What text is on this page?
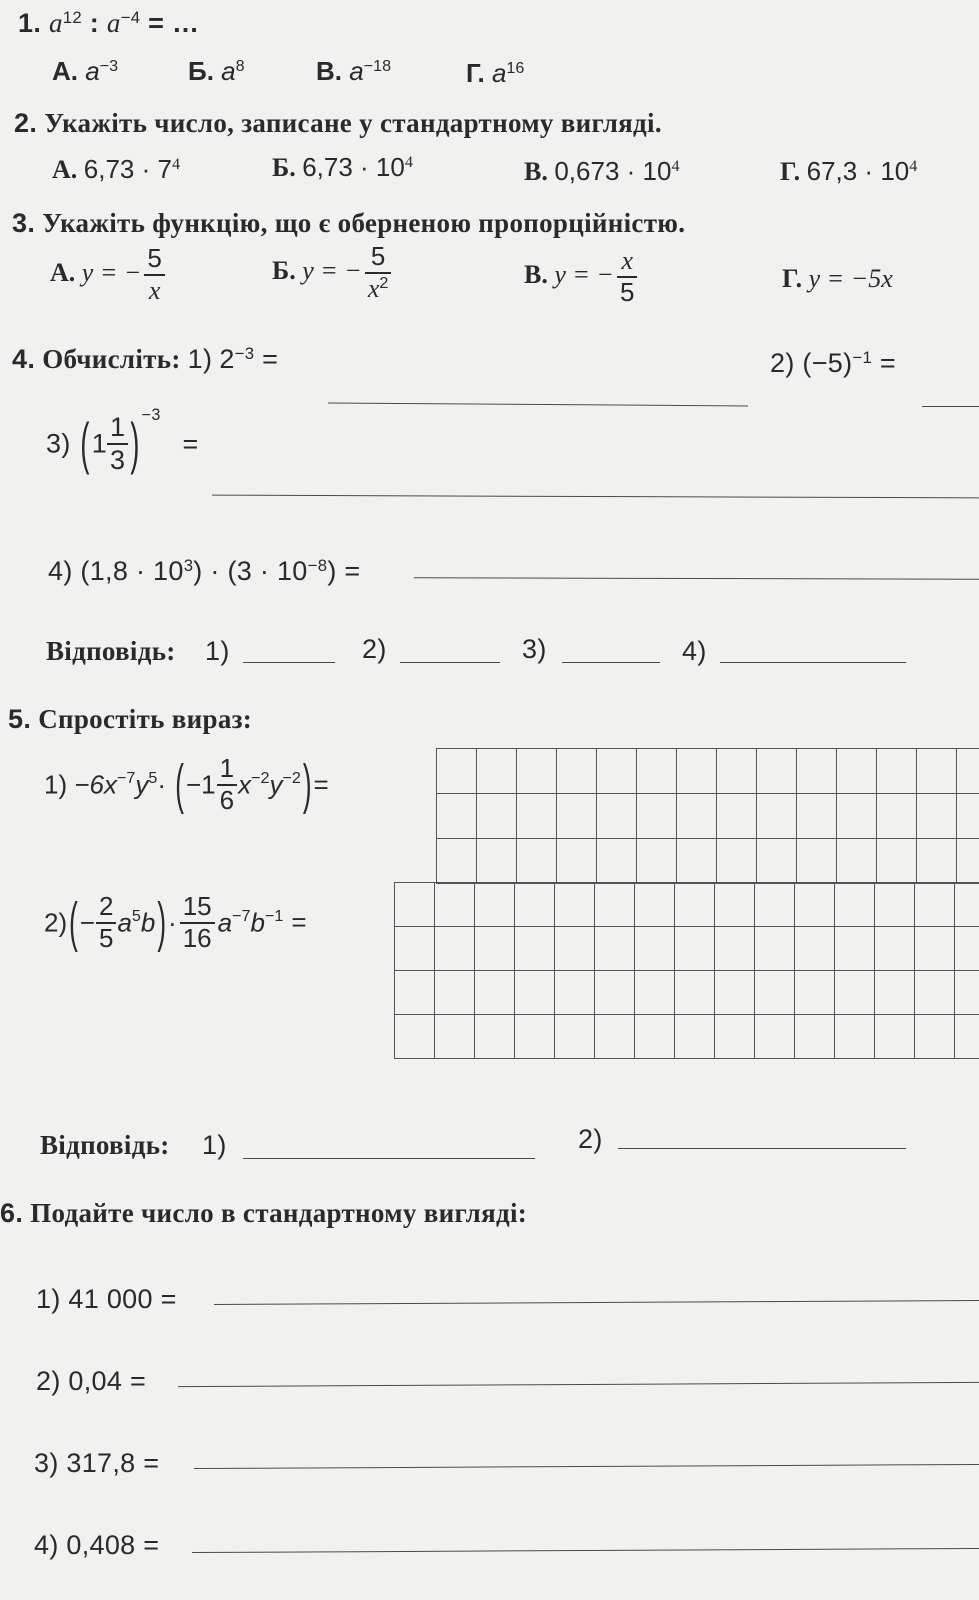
1. $a^{12}$ : $a^{-4}$ = …
А. $a^{-3}$	Б. $a^8$	В. $a^{-18}$	Г. $a^{16}$
2. Укажіть число, записане у стандартному вигляді.
А. $6,73 \cdot 7^4$	Б. $6,73 \cdot 10^4$	В. $0,673 \cdot 10^4$	Г. $67,3 \cdot 10^4$
3. Укажіть функцію, що є оберненою пропорційністю.
А. y = − $\frac{5}{x}$	Б. y = − $\frac{5}{x^2}$	В. y = − $\frac{x}{5}$	Г. y = −5x
4. Обчисліть: 1) $2^{-3}$ =	2) $(-5)^{-1}$ =
3) ($1 \frac{1}{3}$ ) $^{-3}$ =
4) $(1,8 \cdot 10^3) \cdot (3 \cdot 10^{-8})$ =
Відповідь: 1)	2)	3)	4)
5. Спростіть вираз:
$1) -6x^{-7}y^5\cdot (-1 \frac{1}{6} x^{-2}y^{-2})=$
$2)(- \frac{2}{5} a^5b)\cdot \frac{15}{16} a^{-7}b^{-1}$ =
Відповідь: 1)	2)
6. Подайте число в стандартному вигляді:
1) 41 000 =
2) 0,04 =
3) 317,8 =
4) 0,408 =
